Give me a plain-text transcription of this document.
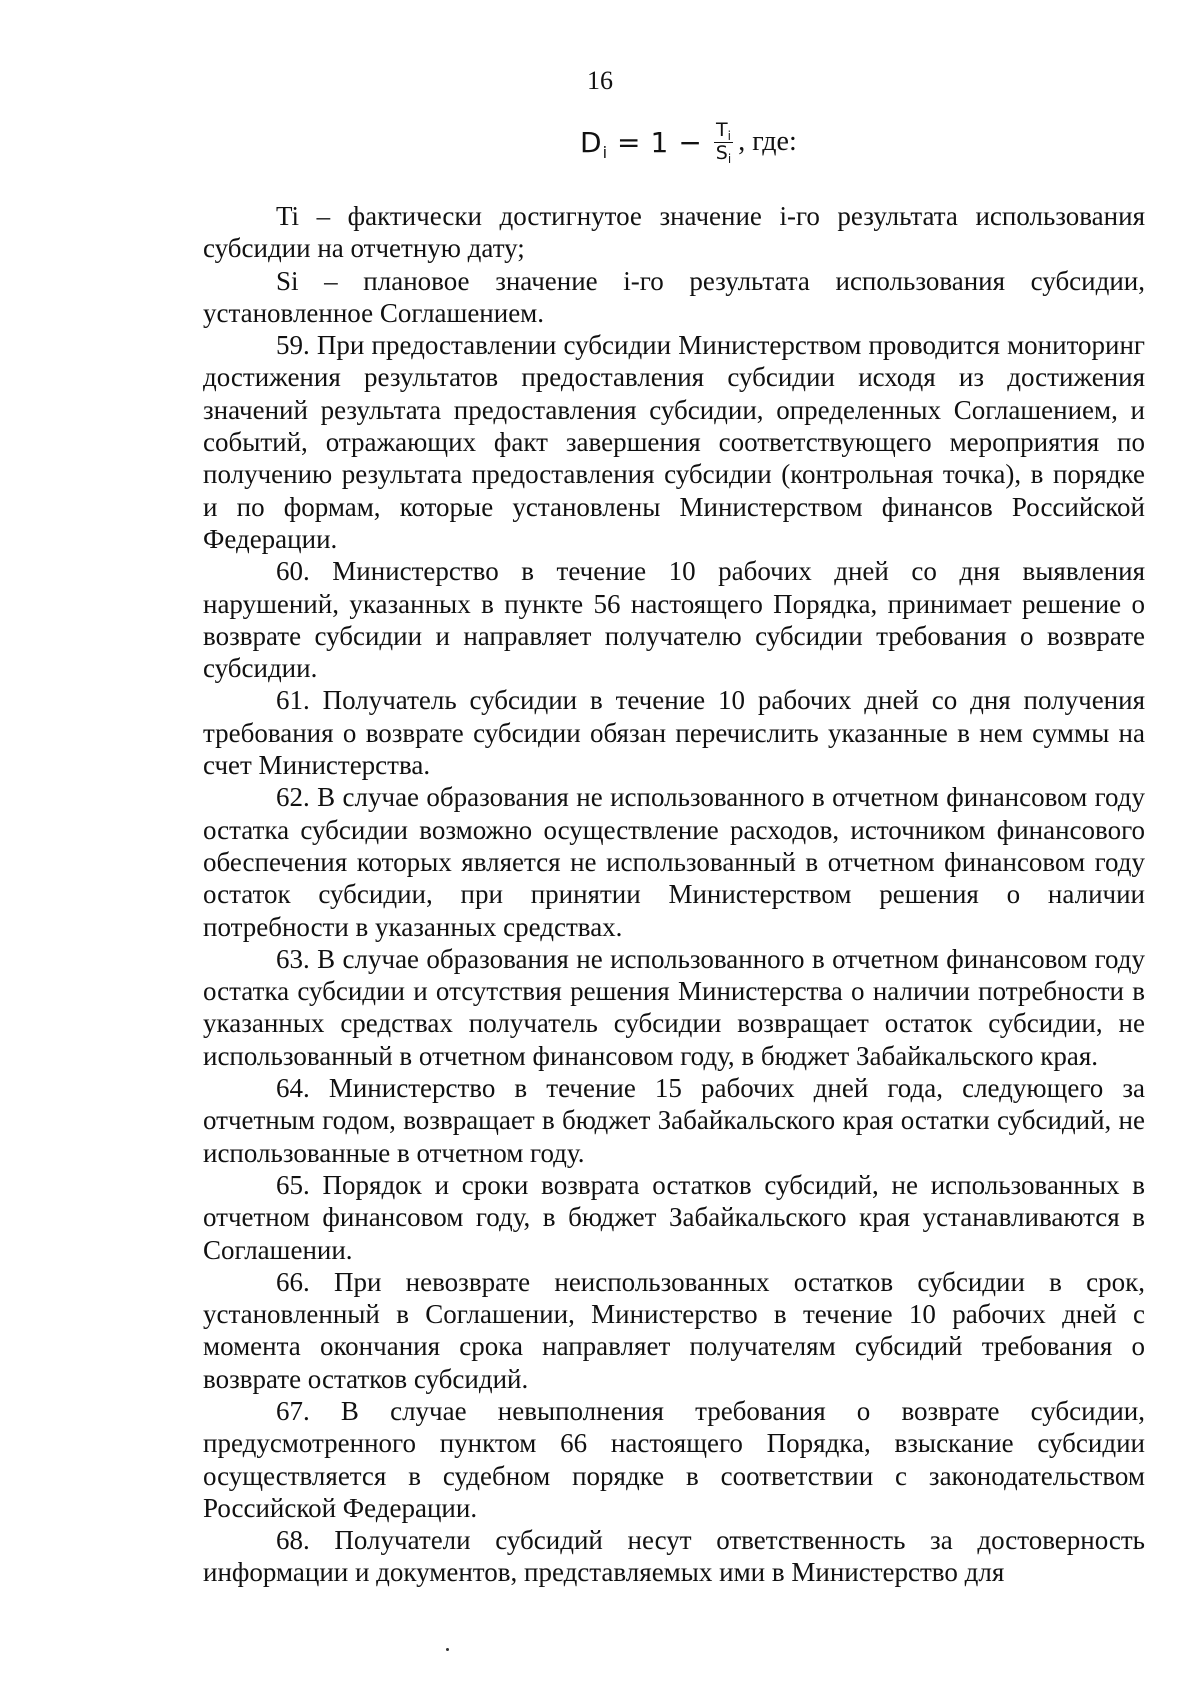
16
D $i = 1 - \frac{\text{T i}}{\text{S i}}$ , где:

Ti – фактически достигнутое значение i-го результата использования субсидии на отчетную дату;

Si – плановое значение i-го результата использования субсидии, установленное Соглашением.

59. При предоставлении субсидии Министерством проводится мониторинг достижения результатов предоставления субсидии исходя из достижения значений результата предоставления субсидии, определенных Соглашением, и событий, отражающих факт завершения соответствующего мероприятия по получению результата предоставления субсидии (контрольная точка), в порядке и по формам, которые установлены Министерством финансов Российской Федерации.

60. Министерство в течение 10 рабочих дней со дня выявления нарушений, указанных в пункте 56 настоящего Порядка, принимает решение о возврате субсидии и направляет получателю субсидии требования о возврате субсидии.

61. Получатель субсидии в течение 10 рабочих дней со дня получения требования о возврате субсидии обязан перечислить указанные в нем суммы на счет Министерства.

62. В случае образования не использованного в отчетном финансовом году остатка субсидии возможно осуществление расходов, источником финансового обеспечения которых является не использованный в отчетном финансовом году остаток субсидии, при принятии Министерством решения о наличии потребности в указанных средствах.

63. В случае образования не использованного в отчетном финансовом году остатка субсидии и отсутствия решения Министерства о наличии потребности в указанных средствах получатель субсидии возвращает остаток субсидии, не использованный в отчетном финансовом году, в бюджет Забайкальского края.

64. Министерство в течение 15 рабочих дней года, следующего за отчетным годом, возвращает в бюджет Забайкальского края остатки субсидий, не использованные в отчетном году.

65. Порядок и сроки возврата остатков субсидий, не использованных в отчетном финансовом году, в бюджет Забайкальского края устанавливаются в Соглашении.

66. При невозврате неиспользованных остатков субсидии в срок, установленный в Соглашении, Министерство в течение 10 рабочих дней с момента окончания срока направляет получателям субсидий требования о возврате остатков субсидий.

67. В случае невыполнения требования о возврате субсидии, предусмотренного пунктом 66 настоящего Порядка, взыскание субсидии осуществляется в судебном порядке в соответствии с законодательством Российской Федерации.

68. Получатели субсидий несут ответственность за достоверность информации и документов, представляемых ими в Министерство для
